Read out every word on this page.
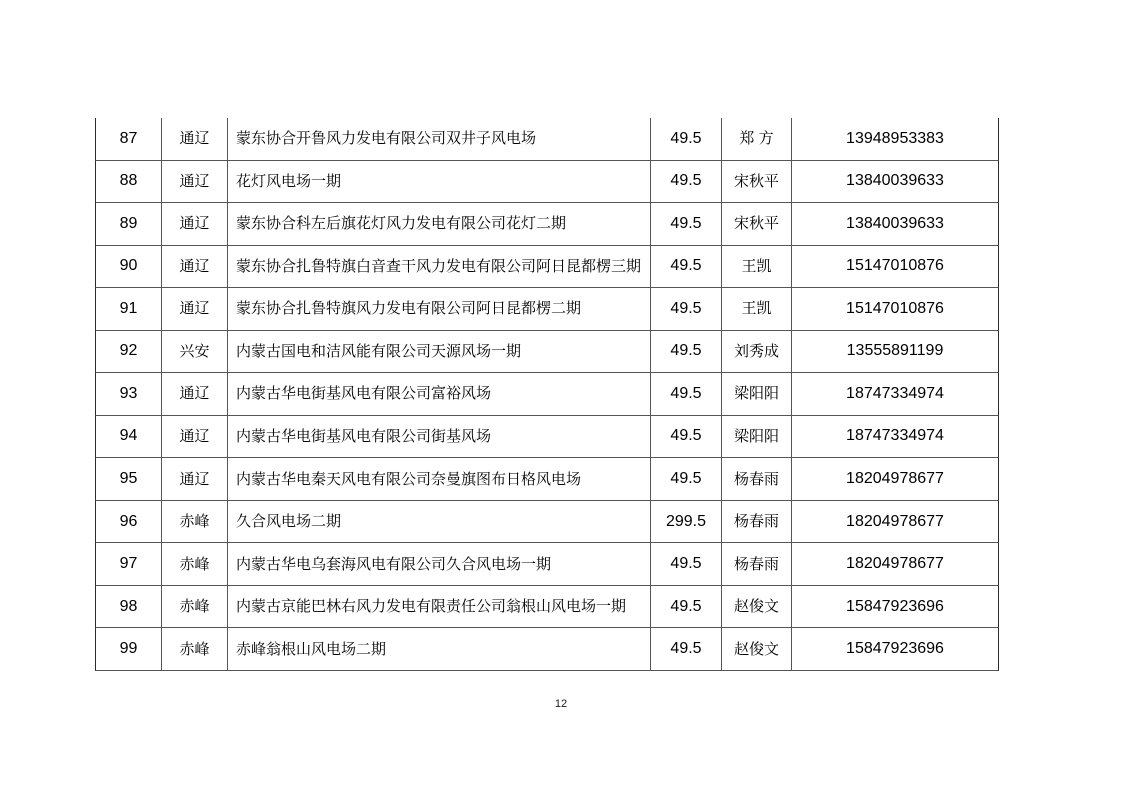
87	通辽	蒙东协合开鲁风力发电有限公司双井子风电场	49.5	郑 方	13948953383
88	通辽	花灯风电场一期	49.5	宋秋平	13840039633
89	通辽	蒙东协合科左后旗花灯风力发电有限公司花灯二期	49.5	宋秋平	13840039633
90	通辽	蒙东协合扎鲁特旗白音查干风力发电有限公司阿日昆都楞三期	49.5	王凯	15147010876
91	通辽	蒙东协合扎鲁特旗风力发电有限公司阿日昆都楞二期	49.5	王凯	15147010876
92	兴安	内蒙古国电和洁风能有限公司天源风场一期	49.5	刘秀成	13555891199
93	通辽	内蒙古华电街基风电有限公司富裕风场	49.5	梁阳阳	18747334974
94	通辽	内蒙古华电街基风电有限公司街基风场	49.5	梁阳阳	18747334974
95	通辽	内蒙古华电秦天风电有限公司奈曼旗图布日格风电场	49.5	杨春雨	18204978677
96	赤峰	久合风电场二期	299.5	杨春雨	18204978677
97	赤峰	内蒙古华电乌套海风电有限公司久合风电场一期	49.5	杨春雨	18204978677
98	赤峰	内蒙古京能巴林右风力发电有限责任公司翁根山风电场一期	49.5	赵俊文	15847923696
99	赤峰	赤峰翁根山风电场二期	49.5	赵俊文	15847923696
12
